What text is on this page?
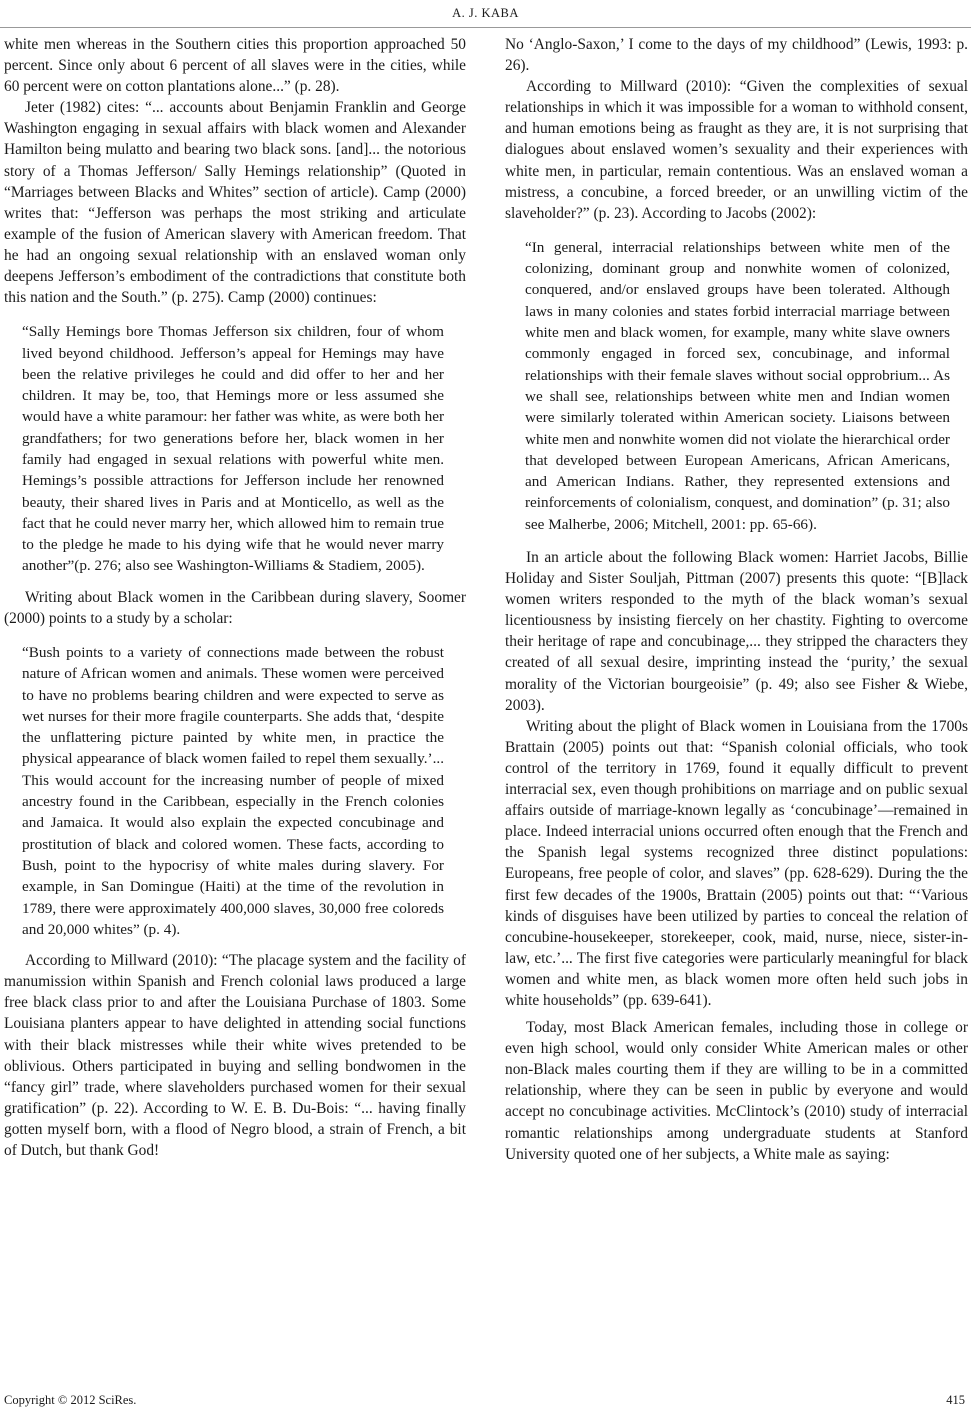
A. J. KABA

white men whereas in the Southern cities this proportion approached 50 percent. Since only about 6 percent of all slaves were in the cities, while 60 percent were on cotton plantations alone...” (p. 28).

Jeter (1982) cites: “... accounts about Benjamin Franklin and George Washington engaging in sexual affairs with black women and Alexander Hamilton being mulatto and bearing two black sons. [and]... the notorious story of a Thomas Jefferson/ Sally Hemings relationship” (Quoted in “Marriages between Blacks and Whites” section of article). Camp (2000) writes that: “Jefferson was perhaps the most striking and articulate example of the fusion of American slavery with American freedom. That he had an ongoing sexual relationship with an enslaved woman only deepens Jefferson’s embodiment of the contradictions that constitute both this nation and the South.” (p. 275). Camp (2000) continues:

“Sally Hemings bore Thomas Jefferson six children, four of whom lived beyond childhood. Jefferson’s appeal for Hemings may have been the relative privileges he could and did offer to her and her children. It may be, too, that Hemings more or less assumed she would have a white paramour: her father was white, as were both her grandfathers; for two generations before her, black women in her family had engaged in sexual relations with powerful white men. Hemings’s possible attractions for Jefferson include her renowned beauty, their shared lives in Paris and at Monticello, as well as the fact that he could never marry her, which allowed him to remain true to the pledge he made to his dying wife that he would never marry another”(p. 276; also see Washington-Williams & Stadiem, 2005).

Writing about Black women in the Caribbean during slavery, Soomer (2000) points to a study by a scholar:

“Bush points to a variety of connections made between the robust nature of African women and animals. These women were perceived to have no problems bearing children and were expected to serve as wet nurses for their more fragile counterparts. She adds that, ‘despite the unflattering picture painted by white men, in practice the physical appearance of black women failed to repel them sexually.’... This would account for the increasing number of people of mixed ancestry found in the Caribbean, especially in the French colonies and Jamaica. It would also explain the expected concubinage and prostitution of black and colored women. These facts, according to Bush, point to the hypocrisy of white males during slavery. For example, in San Domingue (Haiti) at the time of the revolution in 1789, there were approximately 400,000 slaves, 30,000 free coloreds and 20,000 whites” (p. 4).

According to Millward (2010): “The placage system and the facility of manumission within Spanish and French colonial laws produced a large free black class prior to and after the Louisiana Purchase of 1803. Some Louisiana planters appear to have delighted in attending social functions with their black mistresses while their white wives pretended to be oblivious. Others participated in buying and selling bondwomen in the “fancy girl” trade, where slaveholders purchased women for their sexual gratification” (p. 22). According to W. E. B. Du-Bois: “... having finally gotten myself born, with a flood of Negro blood, a strain of French, a bit of Dutch, but thank God!

No ‘Anglo-Saxon,’ I come to the days of my childhood” (Lewis, 1993: p. 26).

According to Millward (2010): “Given the complexities of sexual relationships in which it was impossible for a woman to withhold consent, and human emotions being as fraught as they are, it is not surprising that dialogues about enslaved women’s sexuality and their experiences with white men, in particular, remain contentious. Was an enslaved woman a mistress, a concubine, a forced breeder, or an unwilling victim of the slaveholder?” (p. 23). According to Jacobs (2002):

“In general, interracial relationships between white men of the colonizing, dominant group and nonwhite women of colonized, conquered, and/or enslaved groups have been tolerated. Although laws in many colonies and states forbid interracial marriage between white men and black women, for example, many white slave owners commonly engaged in forced sex, concubinage, and informal relationships with their female slaves without social opprobrium... As we shall see, relationships between white men and Indian women were similarly tolerated within American society. Liaisons between white men and nonwhite women did not violate the hierarchical order that developed between European Americans, African Americans, and American Indians. Rather, they represented extensions and reinforcements of colonialism, conquest, and domination” (p. 31; also see Malherbe, 2006; Mitchell, 2001: pp. 65-66).

In an article about the following Black women: Harriet Jacobs, Billie Holiday and Sister Souljah, Pittman (2007) presents this quote: “[B]lack women writers responded to the myth of the black woman’s sexual licentiousness by insisting fiercely on her chastity. Fighting to overcome their heritage of rape and concubinage,... they stripped the characters they created of all sexual desire, imprinting instead the ‘purity,’ the sexual morality of the Victorian bourgeoisie” (p. 49; also see Fisher & Wiebe, 2003).

Writing about the plight of Black women in Louisiana from the 1700s Brattain (2005) points out that: “Spanish colonial officials, who took control of the territory in 1769, found it equally difficult to prevent interracial sex, even though prohibitions on marriage and on public sexual affairs outside of marriage-known legally as ‘concubinage’—remained in place. Indeed interracial unions occurred often enough that the French and the Spanish legal systems recognized three distinct populations: Europeans, free people of color, and slaves” (pp. 628-629). During the the first few decades of the 1900s, Brattain (2005) points out that: “‘Various kinds of disguises have been utilized by parties to conceal the relation of concubine-housekeeper, storekeeper, cook, maid, nurse, niece, sister-in-law, etc.’... The first five categories were particularly meaningful for black women and white men, as black women more often held such jobs in white households” (pp. 639-641).

Today, most Black American females, including those in college or even high school, would only consider White American males or other non-Black males courting them if they are willing to be in a committed relationship, where they can be seen in public by everyone and would accept no concubinage activities. McClintock’s (2010) study of interracial romantic relationships among undergraduate students at Stanford University quoted one of her subjects, a White male as saying:

Copyright © 2012 SciRes.	415
